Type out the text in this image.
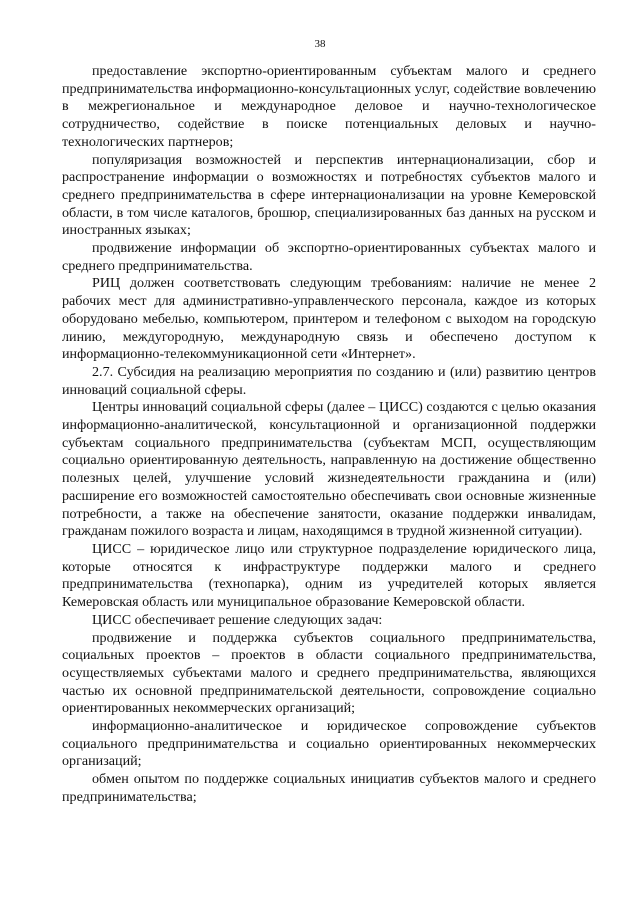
38

предоставление экспортно-ориентированным субъектам малого и среднего предпринимательства информационно-консультационных услуг, содействие вовлечению в межрегиональное и международное деловое и научно-технологическое сотрудничество, содействие в поиске потенциальных деловых и научно-технологических партнеров;

популяризация возможностей и перспектив интернационализации, сбор и распространение информации о возможностях и потребностях субъектов малого и среднего предпринимательства в сфере интернационализации на уровне Кемеровской области, в том числе каталогов, брошюр, специализированных баз данных на русском и иностранных языках;

продвижение информации об экспортно-ориентированных субъектах малого и среднего предпринимательства.

РИЦ должен соответствовать следующим требованиям: наличие не менее 2 рабочих мест для административно-управленческого персонала, каждое из которых оборудовано мебелью, компьютером, принтером и телефоном с выходом на городскую линию, междугородную, международную связь и обеспечено доступом к информационно-телекоммуникационной сети «Интернет».

2.7. Субсидия на реализацию мероприятия по созданию и (или) развитию центров инноваций социальной сферы.

Центры инноваций социальной сферы (далее – ЦИСС) создаются с целью оказания информационно-аналитической, консультационной и организационной поддержки субъектам социального предпринимательства (субъектам МСП, осуществляющим социально ориентированную деятельность, направленную на достижение общественно полезных целей, улучшение условий жизнедеятельности гражданина и (или) расширение его возможностей самостоятельно обеспечивать свои основные жизненные потребности, а также на обеспечение занятости, оказание поддержки инвалидам, гражданам пожилого возраста и лицам, находящимся в трудной жизненной ситуации).

ЦИСС – юридическое лицо или структурное подразделение юридического лица, которые относятся к инфраструктуре поддержки малого и среднего предпринимательства (технопарка), одним из учредителей которых является Кемеровская область или муниципальное образование Кемеровской области.

ЦИСС обеспечивает решение следующих задач:

продвижение и поддержка субъектов социального предпринимательства, социальных проектов – проектов в области социального предпринимательства, осуществляемых субъектами малого и среднего предпринимательства, являющихся частью их основной предпринимательской деятельности, сопровождение социально ориентированных некоммерческих организаций;

информационно-аналитическое и юридическое сопровождение субъектов социального предпринимательства и социально ориентированных некоммерческих организаций;

обмен опытом по поддержке социальных инициатив субъектов малого и среднего предпринимательства;
